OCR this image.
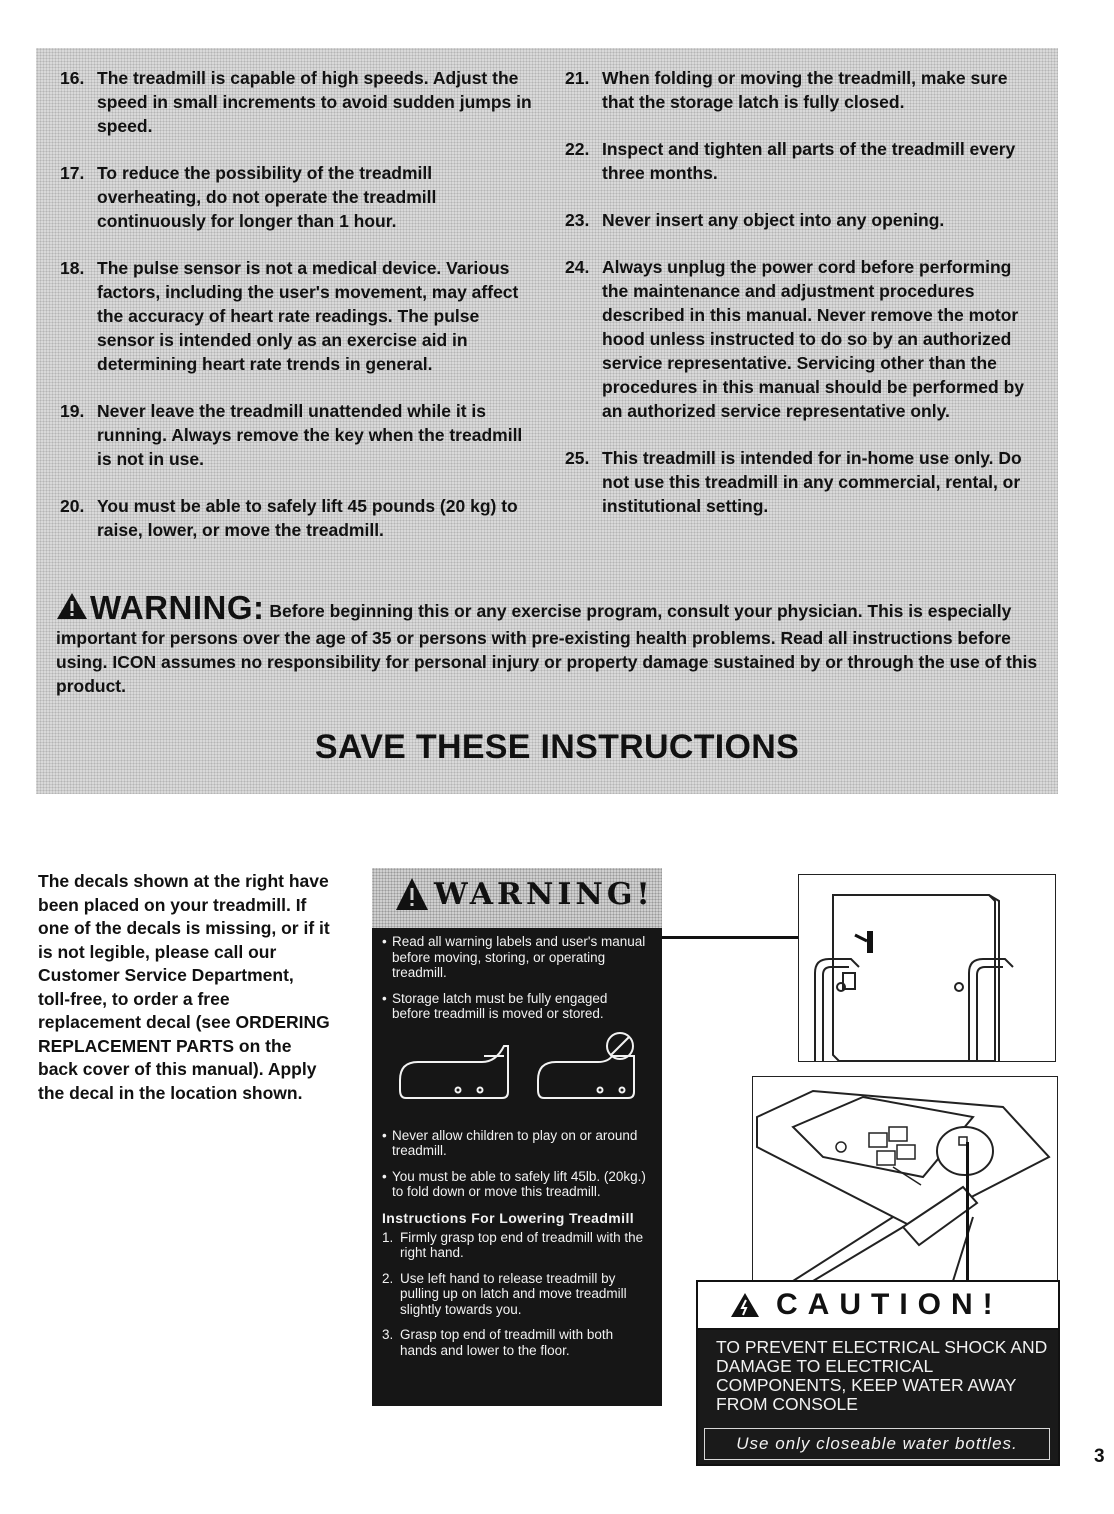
16. The treadmill is capable of high speeds. Adjust the speed in small increments to avoid sudden jumps in speed.
17. To reduce the possibility of the treadmill overheating, do not operate the treadmill continuously for longer than 1 hour.
18. The pulse sensor is not a medical device. Various factors, including the user's movement, may affect the accuracy of heart rate readings. The pulse sensor is intended only as an exercise aid in determining heart rate trends in general.
19. Never leave the treadmill unattended while it is running. Always remove the key when the treadmill is not in use.
20. You must be able to safely lift 45 pounds (20 kg) to raise, lower, or move the treadmill.
21. When folding or moving the treadmill, make sure that the storage latch is fully closed.
22. Inspect and tighten all parts of the treadmill every three months.
23. Never insert any object into any opening.
24. Always unplug the power cord before performing the maintenance and adjustment procedures described in this manual. Never remove the motor hood unless instructed to do so by an authorized service representative. Servicing other than the procedures in this manual should be performed by an authorized service representative only.
25. This treadmill is intended for in-home use only. Do not use this treadmill in any commercial, rental, or institutional setting.
WARNING: Before beginning this or any exercise program, consult your physician. This is especially important for persons over the age of 35 or persons with pre-existing health problems. Read all instructions before using. ICON assumes no responsibility for personal injury or property damage sustained by or through the use of this product.
SAVE THESE INSTRUCTIONS
The decals shown at the right have been placed on your treadmill. If one of the decals is missing, or if it is not legible, please call our Customer Service Department, toll-free, to order a free replacement decal (see ORDERING REPLACEMENT PARTS on the back cover of this manual). Apply the decal in the location shown.
WARNING!
• Read all warning labels and user's manual before moving, storing, or operating treadmill.
• Storage latch must be fully engaged before treadmill is moved or stored.
• Never allow children to play on or around treadmill.
• You must be able to safely lift 45lb. (20kg.) to fold down or move this treadmill.
Instructions For Lowering Treadmill
1. Firmly grasp top end of treadmill with the right hand.
2. Use left hand to release treadmill by pulling up on latch and move treadmill slightly towards you.
3. Grasp top end of treadmill with both hands and lower to the floor.
CAUTION!
TO PREVENT ELECTRICAL SHOCK AND DAMAGE TO ELECTRICAL COMPONENTS, KEEP WATER AWAY FROM CONSOLE
Use only closeable water bottles.
3
